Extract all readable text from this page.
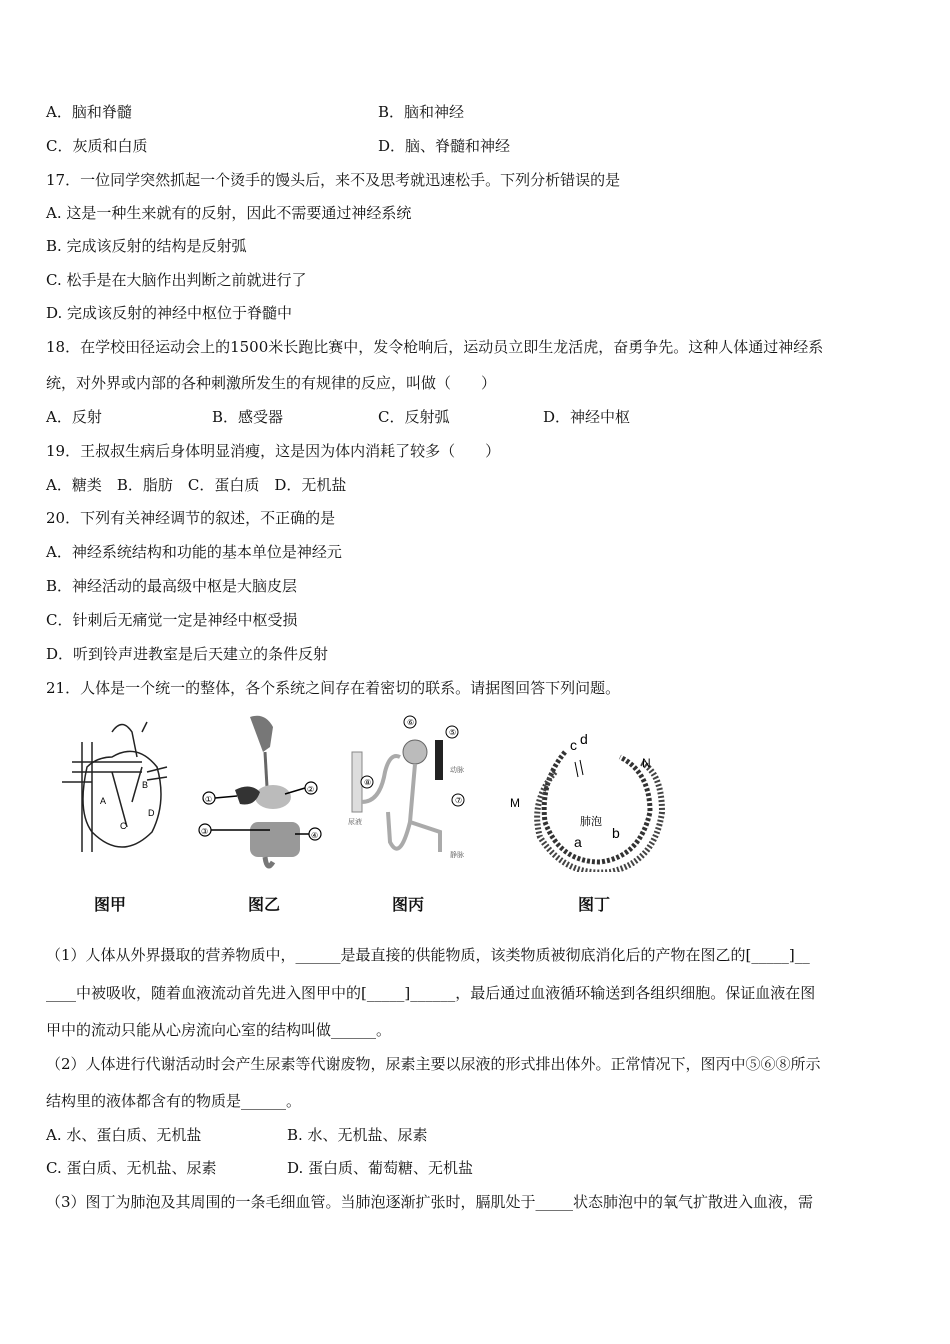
A．脑和脊髓	B．脑和神经
C．灰质和白质	D．脑、脊髓和神经
17．一位同学突然抓起一个烫手的馒头后，来不及思考就迅速松手。下列分析错误的是
A. 这是一种生来就有的反射，因此不需要通过神经系统
B. 完成该反射的结构是反射弧
C. 松手是在大脑作出判断之前就进行了
D. 完成该反射的神经中枢位于脊髓中
18．在学校田径运动会上的1500米长跑比赛中，发令枪响后，运动员立即生龙活虎，奋勇争先。这种人体通过神经系
统，对外界或内部的各种刺激所发生的有规律的反应，叫做（　　）
A．反射	B．感受器	C．反射弧	D．神经中枢
19．王叔叔生病后身体明显消瘦，这是因为体内消耗了较多（　　）
A．糖类　B．脂肪　C．蛋白质　D．无机盐
20．下列有关神经调节的叙述，不正确的是
A．神经系统结构和功能的基本单位是神经元
B．神经活动的最高级中枢是大脑皮层
C．针刺后无痛觉一定是神经中枢受损
D．听到铃声进教室是后天建立的条件反射
21．人体是一个统一的整体，各个系统之间存在着密切的联系。请据图回答下列问题。
A
B
C
D
图甲
①
②
③	④
图乙
⑥
⑤
⑧
⑦
动脉
尿液
静脉
图丙
c d
N
M
肺泡
b
a
图丁
（1）人体从外界摄取的营养物质中，______是最直接的供能物质，该类物质被彻底消化后的产物在图乙的[_____]__
____中被吸收，随着血液流动首先进入图甲中的[_____]______，最后通过血液循环输送到各组织细胞。保证血液在图
甲中的流动只能从心房流向心室的结构叫做______。
（2）人体进行代谢活动时会产生尿素等代谢废物，尿素主要以尿液的形式排出体外。正常情况下，图丙中⑤⑥⑧所示
结构里的液体都含有的物质是______。
A. 水、蛋白质、无机盐	B. 水、无机盐、尿素
C. 蛋白质、无机盐、尿素	D. 蛋白质、葡萄糖、无机盐
（3）图丁为肺泡及其周围的一条毛细血管。当肺泡逐渐扩张时，膈肌处于_____状态肺泡中的氧气扩散进入血液，需
